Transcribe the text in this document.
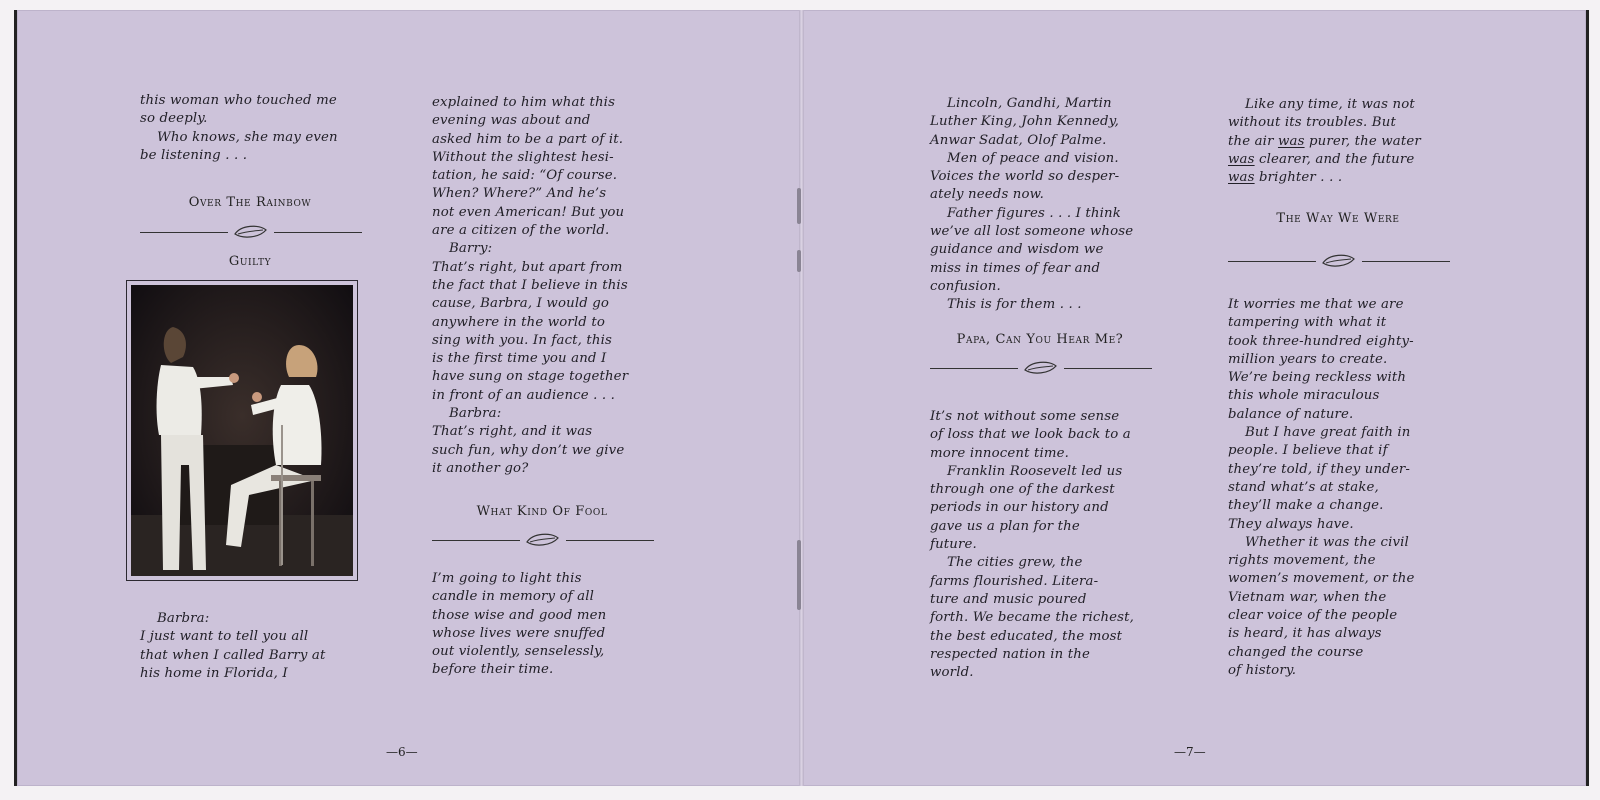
this woman who touched me
so deeply.

Who knows, she may even
be listening . . .

Over The Rainbow
Guilty

Barbra:

I just want to tell you all
that when I called Barry at
his home in Florida, I

explained to him what this
evening was about and
asked him to be a part of it.
Without the slightest hesi-
tation, he said: “Of course.
When? Where?” And he’s
not even American! But you
are a citizen of the world.

Barry:

That’s right, but apart from
the fact that I believe in this
cause, Barbra, I would go
anywhere in the world to
sing with you. In fact, this
is the first time you and I
have sung on stage together
in front of an audience . . .

Barbra:

That’s right, and it was
such fun, why don’t we give
it another go?

What Kind Of Fool

I’m going to light this
candle in memory of all
those wise and good men
whose lives were snuffed
out violently, senselessly,
before their time.

—6—

Lincoln, Gandhi, Martin
Luther King, John Kennedy,
Anwar Sadat, Olof Palme.

Men of peace and vision.
Voices the world so desper-
ately needs now.

Father figures . . . I think
we’ve all lost someone whose
guidance and wisdom we
miss in times of fear and
confusion.

This is for them . . .

Papa, Can You Hear Me?

It’s not without some sense
of loss that we look back to a
more innocent time.

Franklin Roosevelt led us
through one of the darkest
periods in our history and
gave us a plan for the
future.

The cities grew, the
farms flourished. Litera-
ture and music poured
forth. We became the richest,
the best educated, the most
respected nation in the
world.

Like any time, it was not
without its troubles. But
the air was purer, the water
was clearer, and the future
was brighter . . .

The Way We Were

It worries me that we are
tampering with what it
took three-hundred eighty-
million years to create.
We’re being reckless with
this whole miraculous
balance of nature.

But I have great faith in
people. I believe that if
they’re told, if they under-
stand what’s at stake,
they’ll make a change.
They always have.

Whether it was the civil
rights movement, the
women’s movement, or the
Vietnam war, when the
clear voice of the people
is heard, it has always
changed the course
of history.

—7—
